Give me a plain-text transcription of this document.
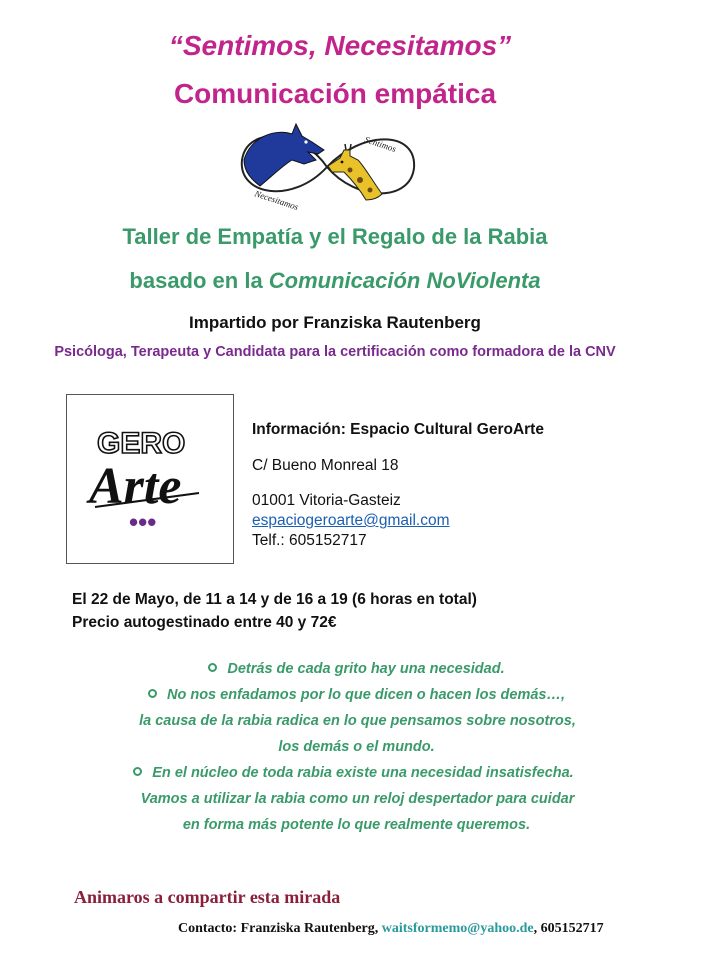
“Sentimos, Necesitamos”
Comunicación empática
Necesitamos
Sentimos
Taller de Empatía y el Regalo de la Rabia
basado en la Comunicación NoViolenta
Impartido por Franziska Rautenberg
Psicóloga, Terapeuta y Candidata para la certificación como formadora de la CNV
GERO
Arte
•••
Información: Espacio Cultural GeroArte
C/ Bueno Monreal 18
01001 Vitoria-Gasteiz
espaciogeroarte@gmail.com
Telf.: 605152717
El 22 de Mayo, de 11 a 14 y de 16 a 19 (6 horas en total)
Precio autogestinado entre 40 y 72€
Detrás de cada grito hay una necesidad.
No nos enfadamos por lo que dicen o hacen los demás…,
la causa de la rabia radica en lo que pensamos sobre nosotros,
los demás o el mundo.
En el núcleo de toda rabia existe una necesidad insatisfecha.
Vamos a utilizar la rabia como un reloj despertador para cuidar
en forma más potente lo que realmente queremos.
Animaros a compartir esta mirada
Contacto: Franziska Rautenberg, waitsformemo@yahoo.de, 605152717
